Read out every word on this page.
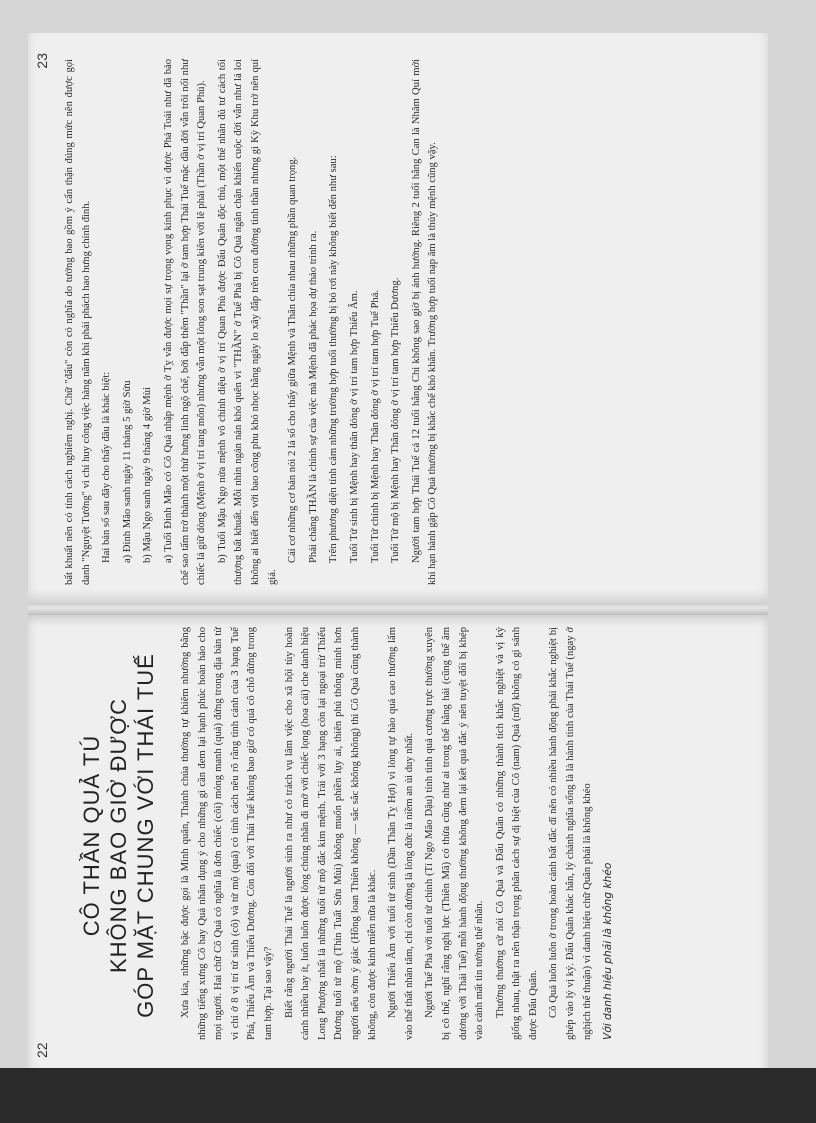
22
CÔ THẦN QUẢ TÚ KHÔNG BAO GIỜ ĐƯỢC GÓP MẶT CHUNG VỚI THÁI TUẾ Xưa kia, những bậc được gọi là Minh quân, Thánh chúa thường tự khiêm nhường bằng những tiếng xưng Cô hay Quả nhân dụng ý cho những gì cần đem lại hạnh phúc hoàn hảo cho mọi người. Hai chữ Cô Quả có nghĩa là đơn chiếc (côi) mỏng manh (quả) đứng trong địa bàn tử vi chỉ ở 8 vị trí tứ sinh (cô) và tứ mộ (quả) có tính cách nêu rõ rằng tình cảnh của 3 hạng Tuế Phá, Thiếu Âm và Thiếu Dương. Còn đối với Thái Tuế không bao giờ có quả cô chỗ đứng trong tam hợp. Tại sao vậy? Biết rằng người Thái Tuế là người sinh ra như có trách vụ lãm việc cho xã hội tùy hoàn cảnh nhiều hay ít, luôn luôn được lòng chúng nhân đi mở với chiếc lọng (hoa cái) che danh hiệu Long Phượng nhất là những tuổi tứ mộ đắc kim mệnh. Trái với 3 hạng còn lại ngoại trừ Thiếu Dương tuổi tứ mộ (Thìn Tuất Sửu Mùi) không muốn phiền lụy ai, thiên phú thông minh hơn người nếu sớm ý giác (Hồng loan Thiên không — sắc sắc không không) thì Cô Quả cũng thành không, còn được kinh miễn nữa là khác. Người Thiếu Âm với tuổi tứ sinh (Dần Thân Tỵ Hợi) vì lòng tự hào quá cao thường lấm vào thế thất nhân tâm, chỉ còn đường là lòng đức là niềm an ủi duy nhất. Người Tuế Phá với tuổi tứ chính (Tí Ngọ Mão Dậu) tính tình quá cương trực thường xuyên bị cô thế, nghĩ rằng nghị lực (Thiên Mã) có thừa cũng như ai trong thế hằng hải (cũng thể âm dương với Thái Tuế) mỗi hành động thường không đem lại kết quả đắc ý nên tuyệt đối bị khép vào cảnh mất tin tưởng thế nhân. Thường thường cứ nói Cô Quả và Đẩu Quân có những thành tích khắc nghiệt và vị kỷ giống nhau, thật ra nên thận trọng phân cách sự dị biệt của Cô (nam) Quả (nữ) không có gì sánh được Đẩu Quân. Cô Quả luôn luôn ở trong hoàn cảnh bất đắc dĩ nên có nhiều hành động phải khắc nghiệt bị ghép vào lý vị kỷ. Đẩu Quân khác hẳn, lý chánh nghĩa sống là là hành tinh của Thái Tuế (ngay ở nghịch thế thuận) vì danh hiệu chữ Quân phải là không khéo Với danh hiệu phải là không khéo

23 bất khuất nên có tính cách nghiêm nghị. Chữ "đẩu" còn có nghĩa do tướng bao gồm ý cẩn thận đúng mức nên được gọi danh "Nguyệt Tướng" vì chỉ huy công việc hàng năm khi phải phách hao hưng chính đình. Hai bản số sau đây cho thấy đâu là khác biệt: a) Đinh Mão sanh ngày 11 tháng 5 giờ Sửu b) Mậu Ngọ sanh ngày 9 tháng 4 giờ Mùi a) Tuổi Đinh Mão có Cô Quả nhập mệnh ở Tỵ vẫn được mọi sự trọng vọng kính phục vì được Phá Toái như đã bảo chế sao tấm trở thành một thứ hưng linh ngộ chế, bởi đắp thêm "Thần" lại ở tam hợp Thái Tuế mặc dầu đời vẫn trôi nổi như chiếc lá giữ dòng (Mệnh ở vị trí tang môn) nhưng vẫn một lòng son sạt trung kiên với lẽ phải (Thần ở vị trí Quan Phù). b) Tuổi Mậu Ngọ nửa mệnh vô chính diệu ở vị trí Quan Phù được Đẩu Quân độc thủ, một thế nhân đủ tư cách tối thượng bất khuất. Mỗi nhìn ngán nản khó quên vì "THẦN" ở Tuế Phá bị Cô Quả ngăn chặn khiến cuộc đời vẫn như lá loi không ai biết đến với bao công phu khó nhọc hằng ngày lo xây đắp trên con đường tình thần nhưng gì Kỳ Khu trở nên quí giá.

Cái cơ những cơ bản nói 2 lá số cho thấy giữa Mệnh và Thân chia nhau những phần quan trọng. Phải chăng THẦN là chính sự của việc mà Mệnh đã phác họa dự thảo trình ra. Trên phương diện tính cảm những trường hợp tuổi thường bị bó rơi này không biết đến như sau: Tuổi Tứ sinh bị Mệnh hay thân đóng ở vị trí tam hợp Thiếu Âm. Tuổi Tứ chính bị Mệnh hay Thân đóng ở vị trí tam hợp Tuế Phá. Tuổi Tứ mộ bị Mệnh hay Thân đóng ở vị trí tam hợp Thiếu Dương. Người tam hợp Thái Tuế cả 12 tuổi hằng Chi không sao giờ bị ảnh hưởng. Riêng 2 tuổi hằng Can là Nhâm Quí mới khi hạn hành gặp Cô Quả thường bị khắc chế khó khăn. Trường hợp tuổi nạp âm là thủy mệnh cũng vậy.
